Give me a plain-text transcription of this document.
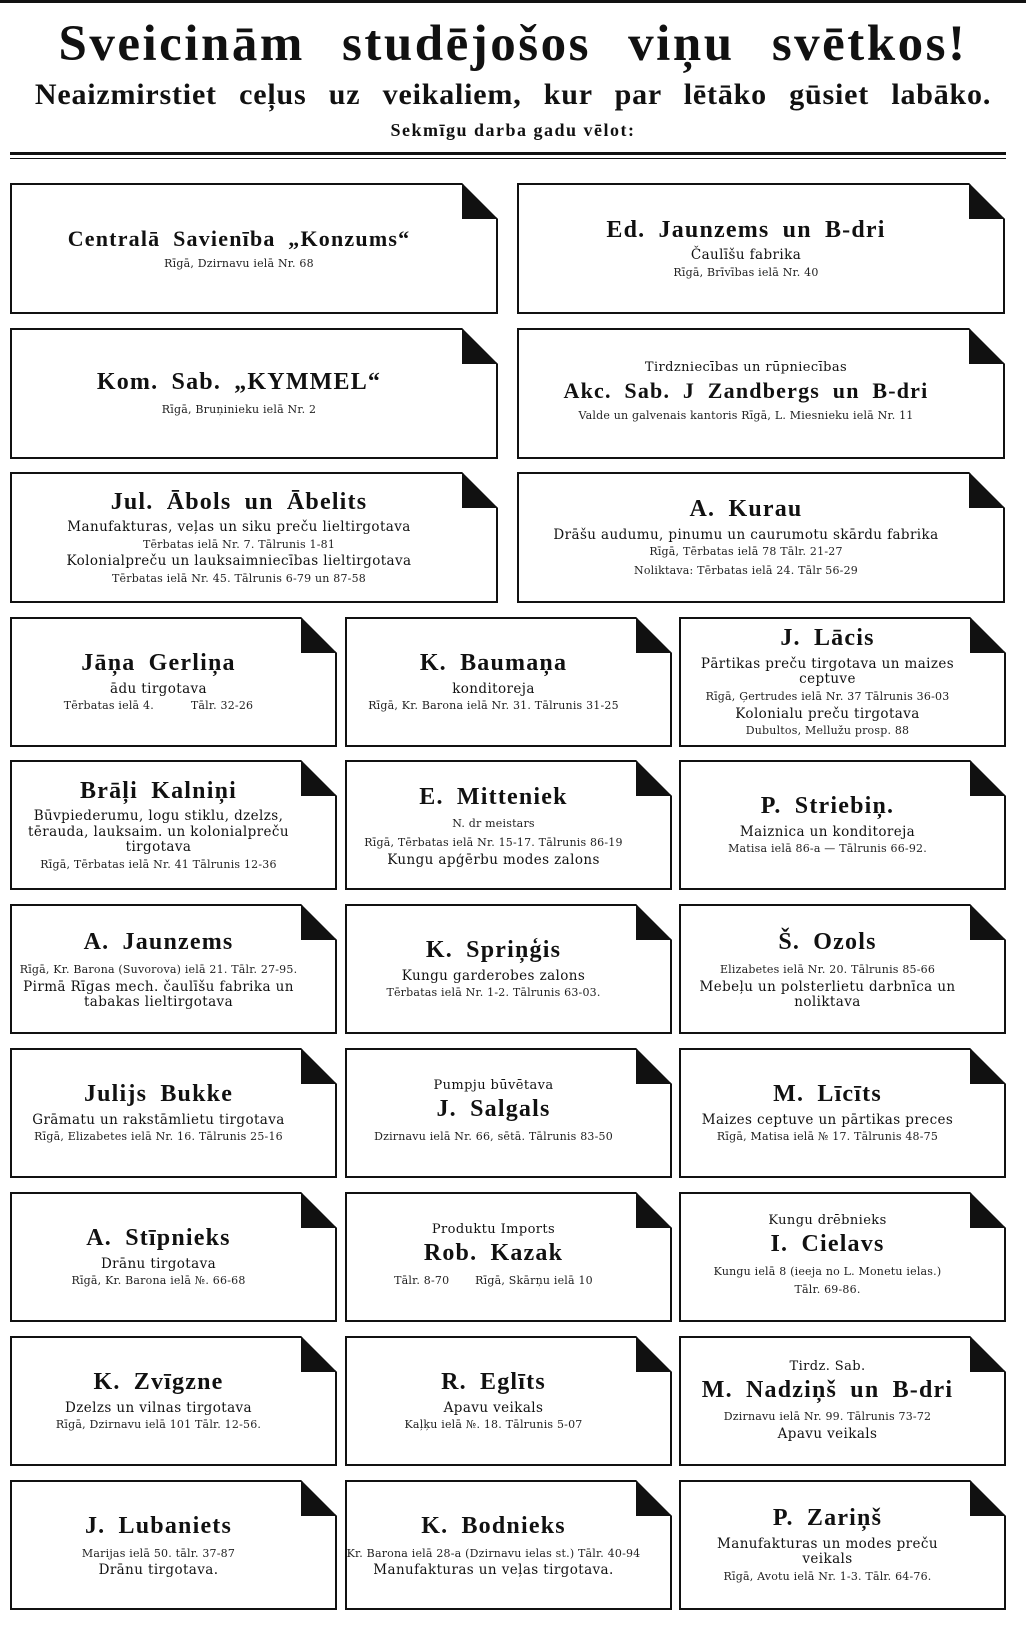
Sveicinām studējošos viņu svētkos!

Neaizmirstiet ceļus uz veikaliem, kur par lētāko gūsiet labāko.

Sekmīgu darba gadu vēlot:

Centralā Savienība „Konzums“
Rīgā, Dzirnavu ielā Nr. 68
Ed. Jaunzems un B-dri
Čaulīšu fabrika
Rīgā, Brīvības ielā Nr. 40
Kom. Sab. „KYMMEL“
Rīgā, Bruņinieku ielā Nr. 2
Tirdzniecības un rūpniecības
Akc. Sab. J Zandbergs un B-dri
Valde un galvenais kantoris Rīgā, L. Miesnieku ielā Nr. 11
Jul. Ābols un Ābelits
Manufakturas, veļas un siku preču lieltirgotava
Tērbatas ielā Nr. 7. Tālrunis 1-81
Kolonialpreču un lauksaimniecības lieltirgotava
Tērbatas ielā Nr. 45. Tālrunis 6-79 un 87-58
A. Kurau
Drāšu audumu, pinumu un caurumotu skārdu fabrika
Rīgā, Tērbatas ielā 78 Tālr. 21-27
Noliktava: Tērbatas ielā 24. Tālr 56-29
Jāņa Gerliņa
ādu tirgotava
Tērbatas ielā 4.          Tālr. 32-26
K. Baumaņa
konditoreja
Rīgā, Kr. Barona ielā Nr. 31. Tālrunis 31-25
J. Lācis
Pārtikas preču tirgotava un maizes ceptuve
Rīgā, Ģertrudes ielā Nr. 37 Tālrunis 36-03
Kolonialu preču tirgotava
Dubultos, Mellužu prosp. 88
Brāļi Kalniņi
Būvpiederumu, logu stiklu, dzelzs, tērauda, lauksaim. un kolonialpreču tirgotava
Rīgā, Tērbatas ielā Nr. 41 Tālrunis 12-36
E. Mitteniek
N. dr meistars
Rīgā, Tērbatas ielā Nr. 15-17. Tālrunis 86-19
Kungu apģērbu modes zalons
P. Striebiņ.
Maiznica un konditoreja
Matisa ielā 86-a — Tālrunis 66-92.
A. Jaunzems
Rīgā, Kr. Barona (Suvorova) ielā 21. Tālr. 27-95.
Pirmā Rīgas mech. čaulīšu fabrika un tabakas lieltirgotava
K. Spriņģis
Kungu garderobes zalons
Tērbatas ielā Nr. 1-2. Tālrunis 63-03.
Š. Ozols
Elizabetes ielā Nr. 20. Tālrunis 85-66
Mebeļu un polsterlietu darbnīca un noliktava
Julijs Bukke
Grāmatu un rakstāmlietu tirgotava
Rīgā, Elizabetes ielā Nr. 16. Tālrunis 25-16
Pumpju būvētava
J. Salgals
Dzirnavu ielā Nr. 66, sētā. Tālrunis 83-50
M. Līcīts
Maizes ceptuve un pārtikas preces
Rīgā, Matisa ielā № 17. Tālrunis 48-75
A. Stīpnieks
Drānu tirgotava
Rīgā, Kr. Barona ielā №. 66-68
Produktu Imports
Rob. Kazak
Tālr. 8-70       Rīgā, Skārņu ielā 10
Kungu drēbnieks
I. Cielavs
Kungu ielā 8 (ieeja no L. Monetu ielas.)
Tālr. 69-86.
K. Zvīgzne
Dzelzs un vilnas tirgotava
Rīgā, Dzirnavu ielā 101 Tālr. 12-56.
R. Eglīts
Apavu veikals
Kaļķu ielā №. 18. Tālrunis 5-07
Tirdz. Sab.
M. Nadziņš un B-dri
Dzirnavu ielā Nr. 99. Tālrunis 73-72
Apavu veikals
J. Lubaniets
Marijas ielā 50. tālr. 37-87
Drānu tirgotava.
K. Bodnieks
Kr. Barona ielā 28-a (Dzirnavu ielas st.) Tālr. 40-94
Manufakturas un veļas tirgotava.
P. Zariņš
Manufakturas un modes preču veikals
Rīgā, Avotu ielā Nr. 1-3. Tālr. 64-76.
